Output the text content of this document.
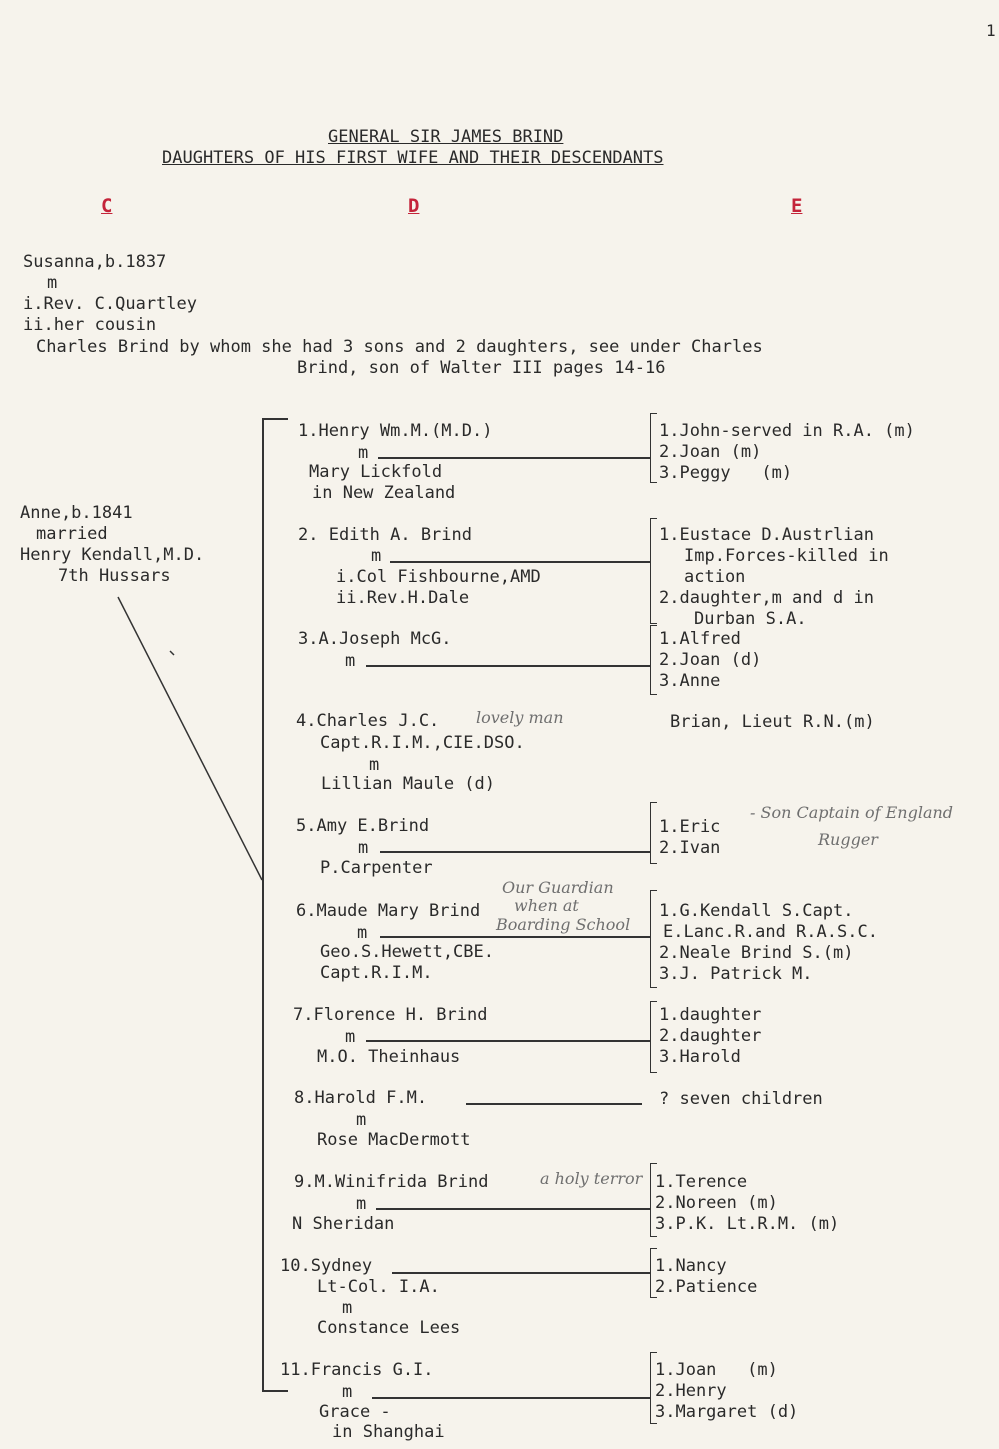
1
GENERAL SIR JAMES BRIND
DAUGHTERS OF HIS FIRST WIFE AND THEIR DESCENDANTS
C	D	E
Susanna,b.1837
m
i.Rev. C.Quartley
ii.her cousin
Charles Brind by whom she had 3 sons and 2 daughters, see under Charles
Brind, son of Walter III pages 14-16
Anne,b.1841
married
Henry Kendall,M.D.
7th Hussars
1.Henry Wm.M.(M.D.)
m
Mary Lickfold
in New Zealand
1.John-served in R.A. (m)
2.Joan (m)
3.Peggy   (m)
2. Edith A. Brind
m
i.Col Fishbourne,AMD
ii.Rev.H.Dale
1.Eustace D.Austrlian
Imp.Forces-killed in
action
2.daughter,m and d in
Durban S.A.
3.A.Joseph McG.
m
1.Alfred
2.Joan (d)
3.Anne
4.Charles J.C. lovely man
Capt.R.I.M.,CIE.DSO.
m
Lillian Maule (d)
Brian, Lieut R.N.(m)
5.Amy E.Brind
m
P.Carpenter
1.Eric
2.Ivan
- Son Captain of England
Rugger
6.Maude Mary Brind
Our Guardian
when at
Boarding School
m
Geo.S.Hewett,CBE.
Capt.R.I.M.
1.G.Kendall S.Capt.
E.Lanc.R.and R.A.S.C.
2.Neale Brind S.(m)
3.J. Patrick M.
7.Florence H. Brind
m
M.O. Theinhaus
1.daughter
2.daughter
3.Harold
8.Harold F.M.
m
Rose MacDermott
? seven children
9.M.Winifrida Brind	a holy terror
m
N Sheridan
1.Terence
2.Noreen (m)
3.P.K. Lt.R.M. (m)
10.Sydney
Lt-Col. I.A.
m
Constance Lees
1.Nancy
2.Patience
11.Francis G.I.
m
Grace -
in Shanghai
1.Joan   (m)
2.Henry
3.Margaret (d)
